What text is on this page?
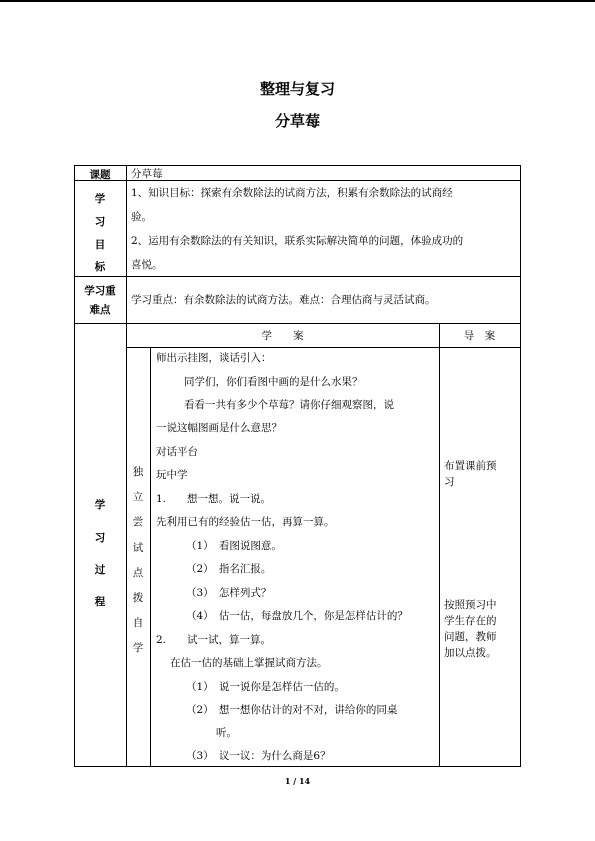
整理与复习
分草莓
课题	分草莓
学
习
目
标
1、知识目标：探索有余数除法的试商方法，积累有余数除法的试商经
验。
2、运用有余数除法的有关知识，联系实际解决简单的问题，体验成功的
喜悦。
学习重
难点
学习重点：有余数除法的试商方法。难点：合理估商与灵活试商。
学　　案	导　案
学
习
过
程
独
立
尝
试
点
拨
自
学
师出示挂图，谈话引入：
同学们，你们看图中画的是什么水果？
看看一共有多少个草莓？请你仔细观察图，说
一说这幅图画是什么意思？
对话平台
玩中学
1.　　想一想。说一说。
先利用已有的经验估一估，再算一算。
（1）　看图说图意。
（2）　指名汇报。
（3）　怎样列式？
（4）　估一估，每盘放几个，你是怎样估计的？
2.　　试一试，算一算。
在估一估的基础上掌握试商方法。
（1）　说一说你是怎样估一估的。
（2）　想一想你估计的对不对，讲给你的同桌
听。
（3）　议一议：为什么商是6？
布置课前预
习
按照预习中
学生存在的
问题，教师
加以点拨。
1 / 14
